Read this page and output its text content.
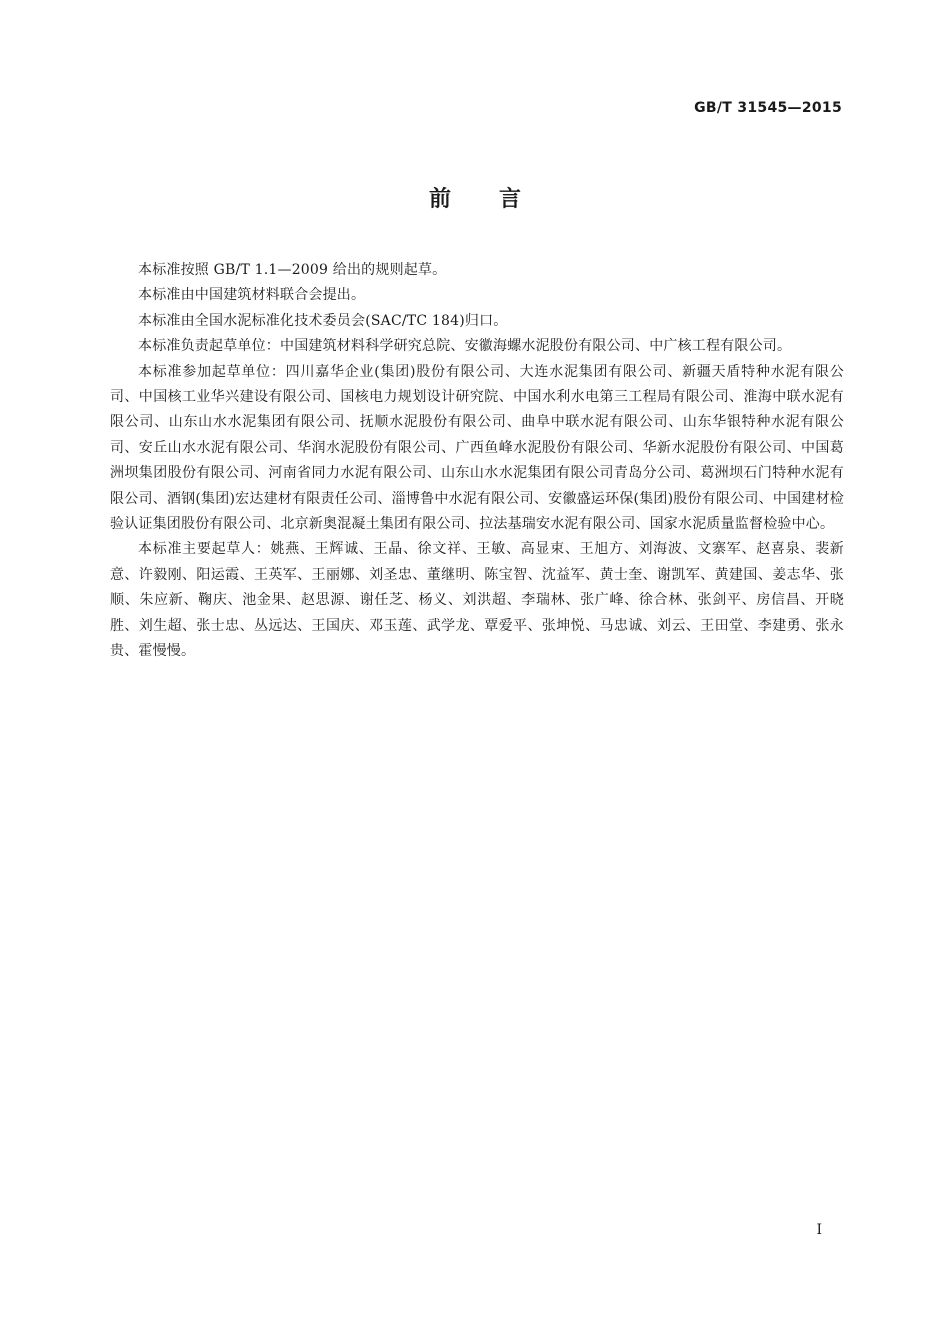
GB/T 31545—2015
前 言

本标准按照 GB/T 1.1—2009 给出的规则起草。

本标准由中国建筑材料联合会提出。

本标准由全国水泥标准化技术委员会(SAC/TC 184)归口。

本标准负责起草单位：中国建筑材料科学研究总院、安徽海螺水泥股份有限公司、中广核工程有限公司。

本标准参加起草单位：四川嘉华企业(集团)股份有限公司、大连水泥集团有限公司、新疆天盾特种水泥有限公司、中国核工业华兴建设有限公司、国核电力规划设计研究院、中国水利水电第三工程局有限公司、淮海中联水泥有限公司、山东山水水泥集团有限公司、抚顺水泥股份有限公司、曲阜中联水泥有限公司、山东华银特种水泥有限公司、安丘山水水泥有限公司、华润水泥股份有限公司、广西鱼峰水泥股份有限公司、华新水泥股份有限公司、中国葛洲坝集团股份有限公司、河南省同力水泥有限公司、山东山水水泥集团有限公司青岛分公司、葛洲坝石门特种水泥有限公司、酒钢(集团)宏达建材有限责任公司、淄博鲁中水泥有限公司、安徽盛运环保(集团)股份有限公司、中国建材检验认证集团股份有限公司、北京新奥混凝土集团有限公司、拉法基瑞安水泥有限公司、国家水泥质量监督检验中心。

本标准主要起草人：姚燕、王辉诚、王晶、徐文祥、王敏、高显束、王旭方、刘海波、文寨军、赵喜泉、裴新意、许毅刚、阳运霞、王英军、王丽娜、刘圣忠、董继明、陈宝智、沈益军、黄士奎、谢凯军、黄建国、姜志华、张顺、朱应新、鞠庆、池金果、赵思源、谢任芝、杨义、刘洪超、李瑞林、张广峰、徐合林、张剑平、房信昌、开晓胜、刘生超、张士忠、丛远达、王国庆、邓玉莲、武学龙、覃爱平、张坤悦、马忠诚、刘云、王田堂、李建勇、张永贵、霍慢慢。

I
